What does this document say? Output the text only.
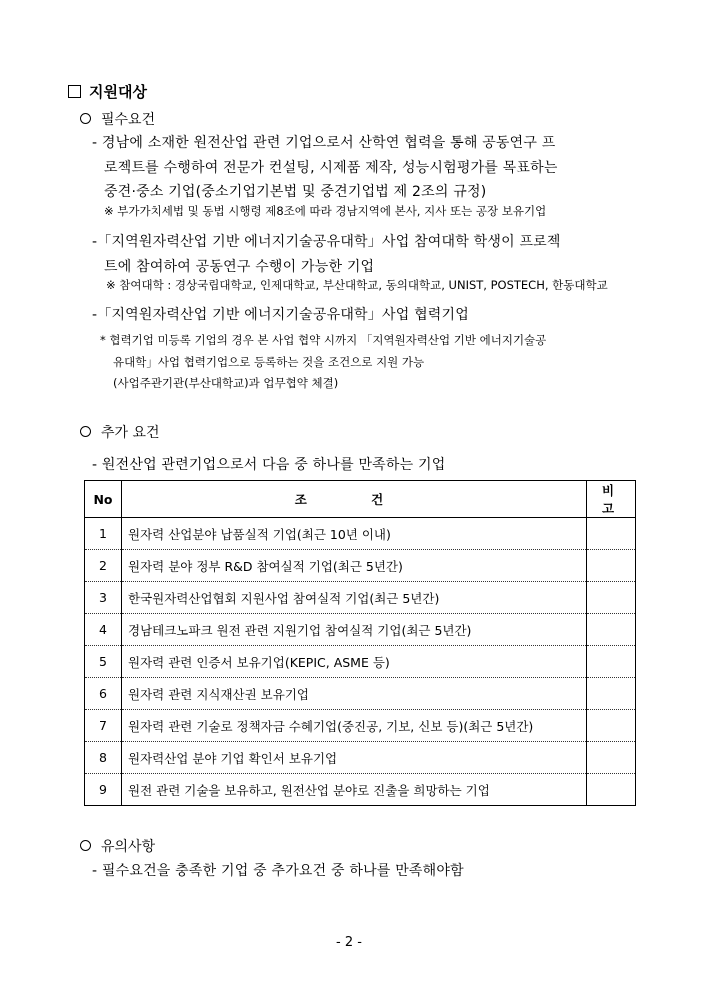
지원대상
필수요건
- 경남에 소재한 원전산업 관련 기업으로서 산학연 협력을 통해 공동연구 프
로젝트를 수행하여 전문가 컨설팅, 시제품 제작, 성능시험평가를 목표하는
중견·중소 기업(중소기업기본법 및 중견기업법 제 2조의 규정)
※ 부가가치세법 및 동법 시행령 제8조에 따라 경남지역에 본사, 지사 또는 공장 보유기업
-「지역원자력산업 기반 에너지기술공유대학」사업 참여대학 학생이 프로젝
트에 참여하여 공동연구 수행이 가능한 기업
※ 참여대학 : 경상국립대학교, 인제대학교, 부산대학교, 동의대학교, UNIST, POSTECH, 한동대학교
-「지역원자력산업 기반 에너지기술공유대학」사업 협력기업
* 협력기업 미등록 기업의 경우 본 사업 협약 시까지 「지역원자력산업 기반 에너지기술공
유대학」사업 협력기업으로 등록하는 것을 조건으로 지원 가능
(사업주관기관(부산대학교)과 업무협약 체결)
추가 요건
- 원전산업 관련기업으로서 다음 중 하나를 만족하는 기업
No	조 건	비 고
1	원자력 산업분야 납품실적 기업(최근 10년 이내)	
2	원자력 분야 정부 R&D 참여실적 기업(최근 5년간)	
3	한국원자력산업협회 지원사업 참여실적 기업(최근 5년간)	
4	경남테크노파크 원전 관련 지원기업 참여실적 기업(최근 5년간)	
5	원자력 관련 인증서 보유기업(KEPIC, ASME 등)	
6	원자력 관련 지식재산권 보유기업	
7	원자력 관련 기술로 정책자금 수혜기업(중진공, 기보, 신보 등)(최근 5년간)	
8	원자력산업 분야 기업 확인서 보유기업	
9	원전 관련 기술을 보유하고, 원전산업 분야로 진출을 희망하는 기업	
유의사항
- 필수요건을 충족한 기업 중 추가요건 중 하나를 만족해야함
- 2 -
